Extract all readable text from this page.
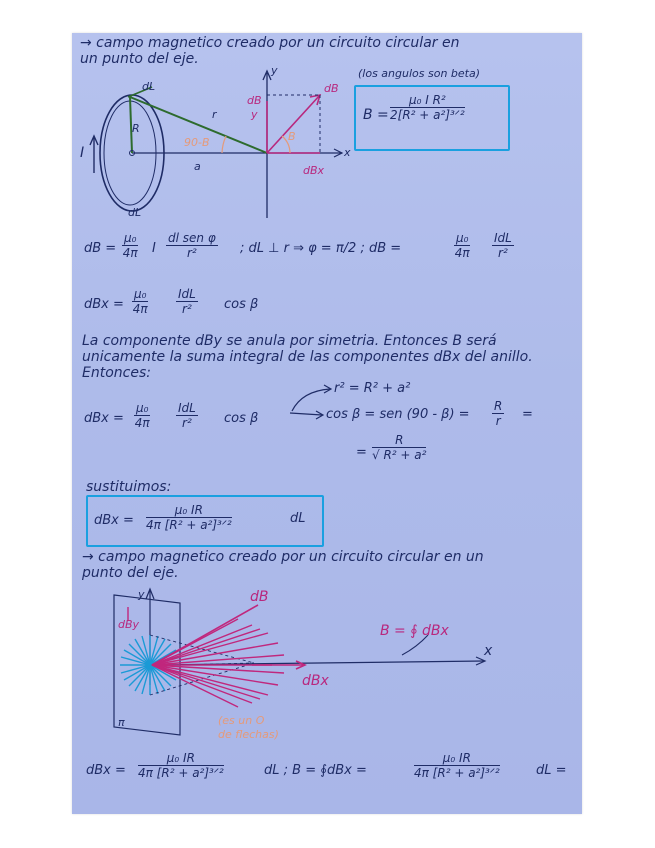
→ campo magnetico creado por un circuito circular en

un punto del eje.

(los angulos son beta)

dL

dB

y

dB

dBx

y

x

R

I

a

r

90-B	B

dL

B =

μ₀ I R²
2[R² + a²]³ᐟ²

dB = $\frac{\text{μ₀}}{4\pi}$ I

dl sen φ
r²	; dL ⊥ r ⇒ φ = π/2 ; dB =	$\frac{\text{μ₀}}{4\pi}$ IdL
r²

dBx = $\frac{\text{μ₀}}{4\pi}$ IdL
r²	cos β

La componente dBy se anula por simetria. Entonces B será

unicamente la suma integral de las componentes dBx del anillo.

Entonces:

r² = R² + a²

dBx = $\frac{\text{μ₀}}{4\pi}$ IdL
r²	cos β	cos β = sen $(90 - \beta) = \frac{R}{r}$ =

= $\frac{R}{\text{√ R² + a²}}$

sustituimos:

dBx =

μ₀ IR
4π [R² + a²]³ᐟ²	dL

→ campo magnetico creado por un circuito circular en un

punto del eje.

dB

dBy

dBx

x

y

π

B = ∮ dBx

(es un O

de flechas)

dBx =

μ₀ IR
4π [R² + a²]³ᐟ²	dL ; B = ∮dBx =

μ₀ IR
4π [R² + a²]³ᐟ²	dL =
